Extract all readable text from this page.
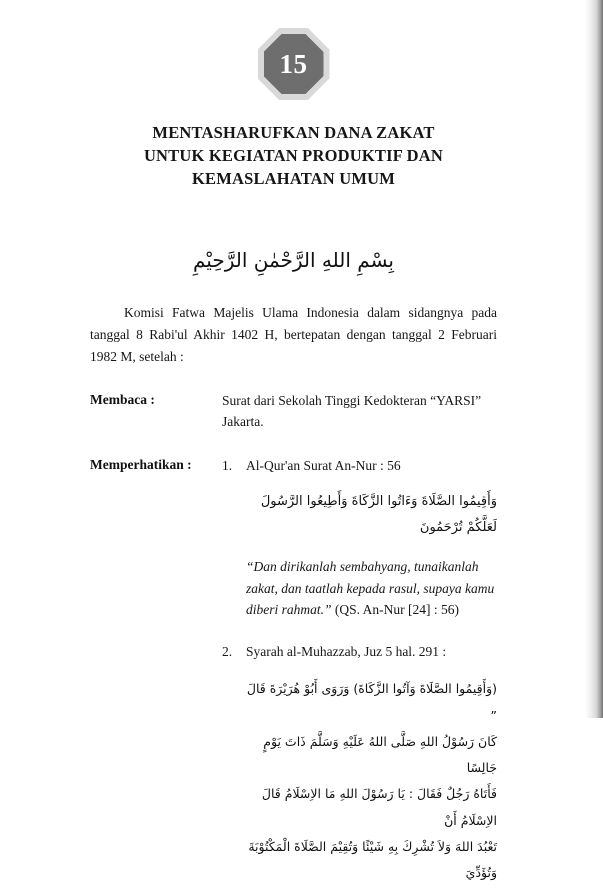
15
MENTASHARUFKAN DANA ZAKAT
UNTUK KEGIATAN PRODUKTIF DAN
KEMASLAHATAN UMUM
بِسْمِ اللهِ الرَّحْمٰنِ الرَّحِيْمِ

Komisi Fatwa Majelis Ulama Indonesia dalam sidangnya pada tanggal 8 Rabi'ul Akhir 1402 H, bertepatan dengan tanggal 2 Februari 1982 M, setelah :

Membaca :	Surat dari Sekolah Tinggi Kedokteran “YARSI” Jakarta.
Memperhatikan :	1.	Al-Qur'an Surat An-Nur : 56
وَأَقِيمُوا الصَّلَاةَ وَءَاتُوا الزَّكَاةَ وَأَطِيعُوا الرَّسُولَ لَعَلَّكُمْ تُرْحَمُونَ
“Dan dirikanlah sembahyang, tunaikanlah zakat, dan taatlah kepada rasul, supaya kamu diberi rahmat.” (QS. An-Nur [24] : 56)
2.	Syarah al-Muhazzab, Juz 5 hal. 291 :
(وَأَقِيمُوا الصَّلَاةَ وَآتُوا الزَّكَاةَ) وَرَوَى أَبُوْ هُرَيْرَةَ قَالَ ”
كَانَ رَسُوْلُ اللهِ صَلَّى اللهُ عَلَيْهِ وَسَلَّمَ ذَاتَ يَوْمٍ جَالِسًا
فَأَتَاهُ رَجُلٌ فَقَالَ : يَا رَسُوْلَ اللهِ مَا الاِسْلَامُ قَالَ الاِسْلَامُ أَنْ
تَعْبُدَ اللهَ وَلاَ تُشْرِكَ بِهِ شَيْئًا وَتُقِيْمَ الصَّلَاةَ الْمَكْتُوْبَةَ وَتُؤَدِّيَ
